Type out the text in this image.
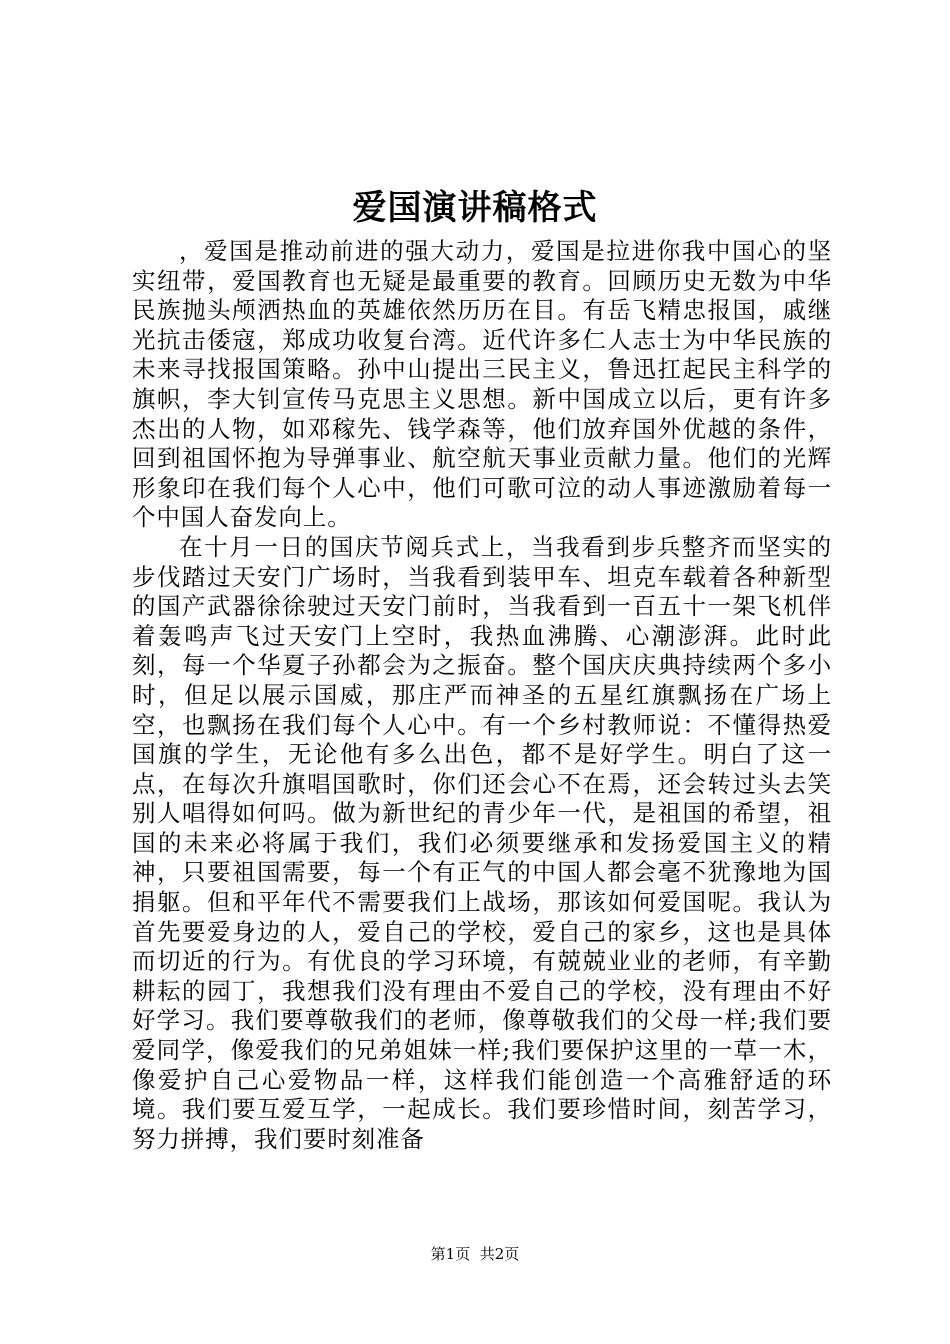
爱国演讲稿格式

，爱国是推动前进的强大动力，爱国是拉进你我中国心的坚实纽带，爱国教育也无疑是最重要的教育。回顾历史无数为中华民族抛头颅洒热血的英雄依然历历在目。有岳飞精忠报国，戚继光抗击倭寇，郑成功收复台湾。近代许多仁人志士为中华民族的未来寻找报国策略。孙中山提出三民主义，鲁迅扛起民主科学的旗帜，李大钊宣传马克思主义思想。新中国成立以后，更有许多杰出的人物，如邓稼先、钱学森等，他们放弃国外优越的条件，回到祖国怀抱为导弹事业、航空航天事业贡献力量。他们的光辉形象印在我们每个人心中，他们可歌可泣的动人事迹激励着每一个中国人奋发向上。

在十月一日的国庆节阅兵式上，当我看到步兵整齐而坚实的步伐踏过天安门广场时，当我看到装甲车、坦克车载着各种新型的国产武器徐徐驶过天安门前时，当我看到一百五十一架飞机伴着轰鸣声飞过天安门上空时，我热血沸腾、心潮澎湃。此时此刻，每一个华夏子孙都会为之振奋。整个国庆庆典持续两个多小时，但足以展示国威，那庄严而神圣的五星红旗飘扬在广场上空，也飘扬在我们每个人心中。有一个乡村教师说：不懂得热爱国旗的学生，无论他有多么出色，都不是好学生。明白了这一点，在每次升旗唱国歌时，你们还会心不在焉，还会转过头去笑别人唱得如何吗。做为新世纪的青少年一代，是祖国的希望，祖国的未来必将属于我们，我们必须要继承和发扬爱国主义的精神，只要祖国需要，每一个有正气的中国人都会毫不犹豫地为国捐躯。但和平年代不需要我们上战场，那该如何爱国呢。我认为首先要爱身边的人，爱自己的学校，爱自己的家乡，这也是具体而切近的行为。有优良的学习环境，有兢兢业业的老师，有辛勤耕耘的园丁，我想我们没有理由不爱自己的学校，没有理由不好好学习。我们要尊敬我们的老师，像尊敬我们的父母一样;我们要爱同学，像爱我们的兄弟姐妹一样;我们要保护这里的一草一木，像爱护自己心爱物品一样，这样我们能创造一个高雅舒适的环境。我们要互爱互学，一起成长。我们要珍惜时间，刻苦学习，努力拼搏，我们要时刻准备

第1页 共2页
